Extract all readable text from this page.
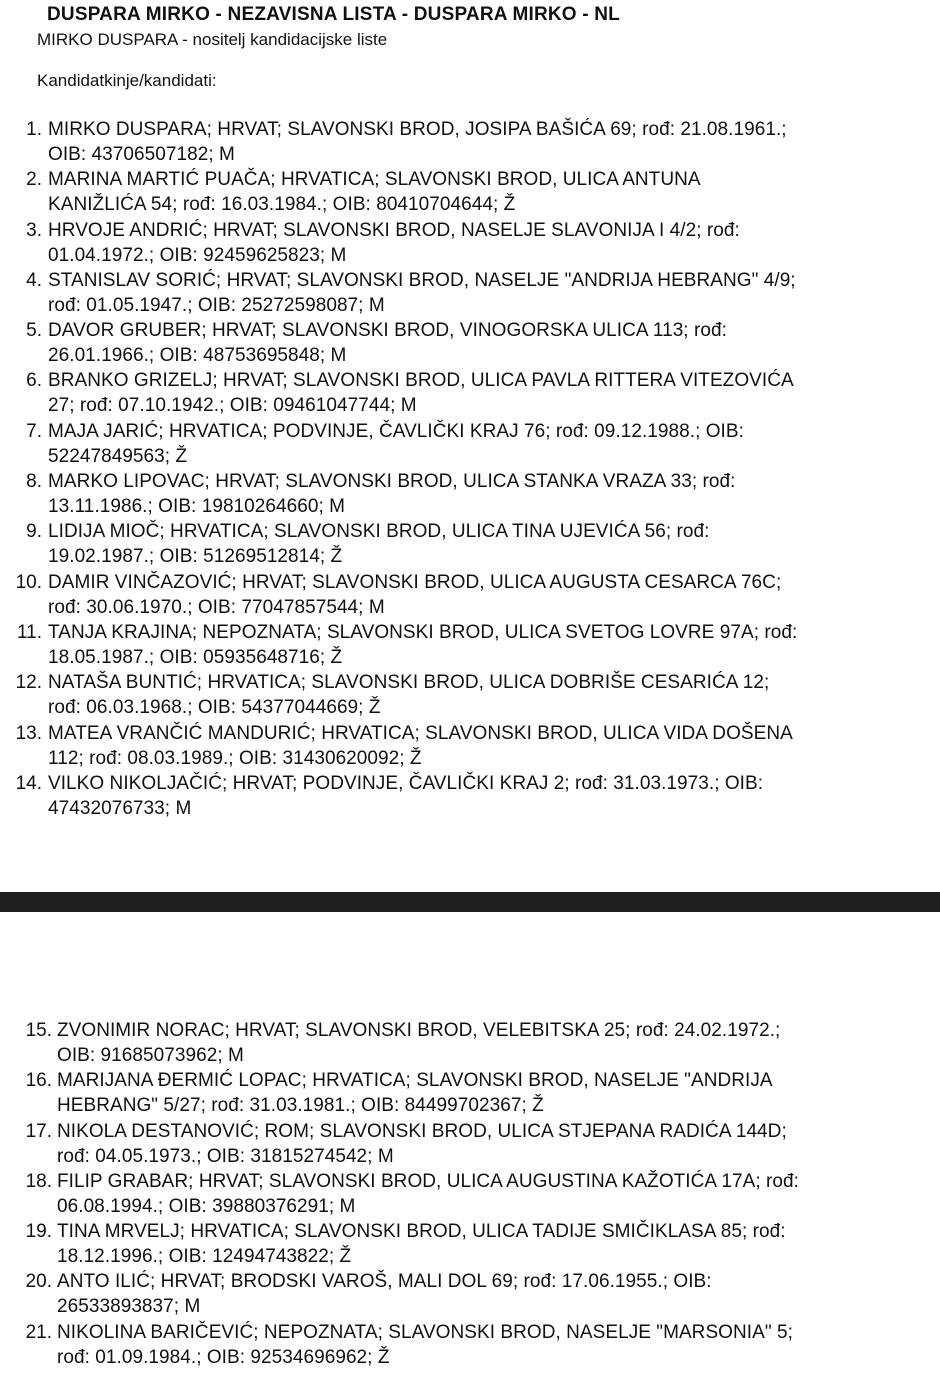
DUSPARA MIRKO - NEZAVISNA LISTA - DUSPARA MIRKO - NL
MIRKO DUSPARA - nositelj kandidacijske liste
Kandidatkinje/kandidati:
1. MIRKO DUSPARA; HRVAT; SLAVONSKI BROD, JOSIPA BAŠIĆA 69; rođ: 21.08.1961.;
OIB: 43706507182; M
2. MARINA MARTIĆ PUAČA; HRVATICA; SLAVONSKI BROD, ULICA ANTUNA
KANIŽLIĆA 54; rođ: 16.03.1984.; OIB: 80410704644; Ž
3. HRVOJE ANDRIĆ; HRVAT; SLAVONSKI BROD, NASELJE SLAVONIJA I 4/2; rođ:
01.04.1972.; OIB: 92459625823; M
4. STANISLAV SORIĆ; HRVAT; SLAVONSKI BROD, NASELJE "ANDRIJA HEBRANG" 4/9;
rođ: 01.05.1947.; OIB: 25272598087; M
5. DAVOR GRUBER; HRVAT; SLAVONSKI BROD, VINOGORSKA ULICA 113; rođ:
26.01.1966.; OIB: 48753695848; M
6. BRANKO GRIZELJ; HRVAT; SLAVONSKI BROD, ULICA PAVLA RITTERA VITEZOVIĆA
27; rođ: 07.10.1942.; OIB: 09461047744; M
7. MAJA JARIĆ; HRVATICA; PODVINJE, ČAVLIČKI KRAJ 76; rođ: 09.12.1988.; OIB:
52247849563; Ž
8. MARKO LIPOVAC; HRVAT; SLAVONSKI BROD, ULICA STANKA VRAZA 33; rođ:
13.11.1986.; OIB: 19810264660; M
9. LIDIJA MIOČ; HRVATICA; SLAVONSKI BROD, ULICA TINA UJEVIĆA 56; rođ:
19.02.1987.; OIB: 51269512814; Ž
10. DAMIR VINČAZOVIĆ; HRVAT; SLAVONSKI BROD, ULICA AUGUSTA CESARCA 76C;
rođ: 30.06.1970.; OIB: 77047857544; M
11. TANJA KRAJINA; NEPOZNATA; SLAVONSKI BROD, ULICA SVETOG LOVRE 97A; rođ:
18.05.1987.; OIB: 05935648716; Ž
12. NATAŠA BUNTIĆ; HRVATICA; SLAVONSKI BROD, ULICA DOBRIŠE CESARIĆA 12;
rođ: 06.03.1968.; OIB: 54377044669; Ž
13. MATEA VRANČIĆ MANDURIĆ; HRVATICA; SLAVONSKI BROD, ULICA VIDA DOŠENA
112; rođ: 08.03.1989.; OIB: 31430620092; Ž
14. VILKO NIKOLJAČIĆ; HRVAT; PODVINJE, ČAVLIČKI KRAJ 2; rođ: 31.03.1973.; OIB:
47432076733; M
15. ZVONIMIR NORAC; HRVAT; SLAVONSKI BROD, VELEBITSKA 25; rođ: 24.02.1972.;
OIB: 91685073962; M
16. MARIJANA ĐERMIĆ LOPAC; HRVATICA; SLAVONSKI BROD, NASELJE "ANDRIJA
HEBRANG" 5/27; rođ: 31.03.1981.; OIB: 84499702367; Ž
17. NIKOLA DESTANOVIĆ; ROM; SLAVONSKI BROD, ULICA STJEPANA RADIĆA 144D;
rođ: 04.05.1973.; OIB: 31815274542; M
18. FILIP GRABAR; HRVAT; SLAVONSKI BROD, ULICA AUGUSTINA KAŽOTIĆA 17A; rođ:
06.08.1994.; OIB: 39880376291; M
19. TINA MRVELJ; HRVATICA; SLAVONSKI BROD, ULICA TADIJE SMIČIKLASA 85; rođ:
18.12.1996.; OIB: 12494743822; Ž
20. ANTO ILIĆ; HRVAT; BRODSKI VAROŠ, MALI DOL 69; rođ: 17.06.1955.; OIB:
26533893837; M
21. NIKOLINA BARIČEVIĆ; NEPOZNATA; SLAVONSKI BROD, NASELJE "MARSONIA" 5;
rođ: 01.09.1984.; OIB: 92534696962; Ž
